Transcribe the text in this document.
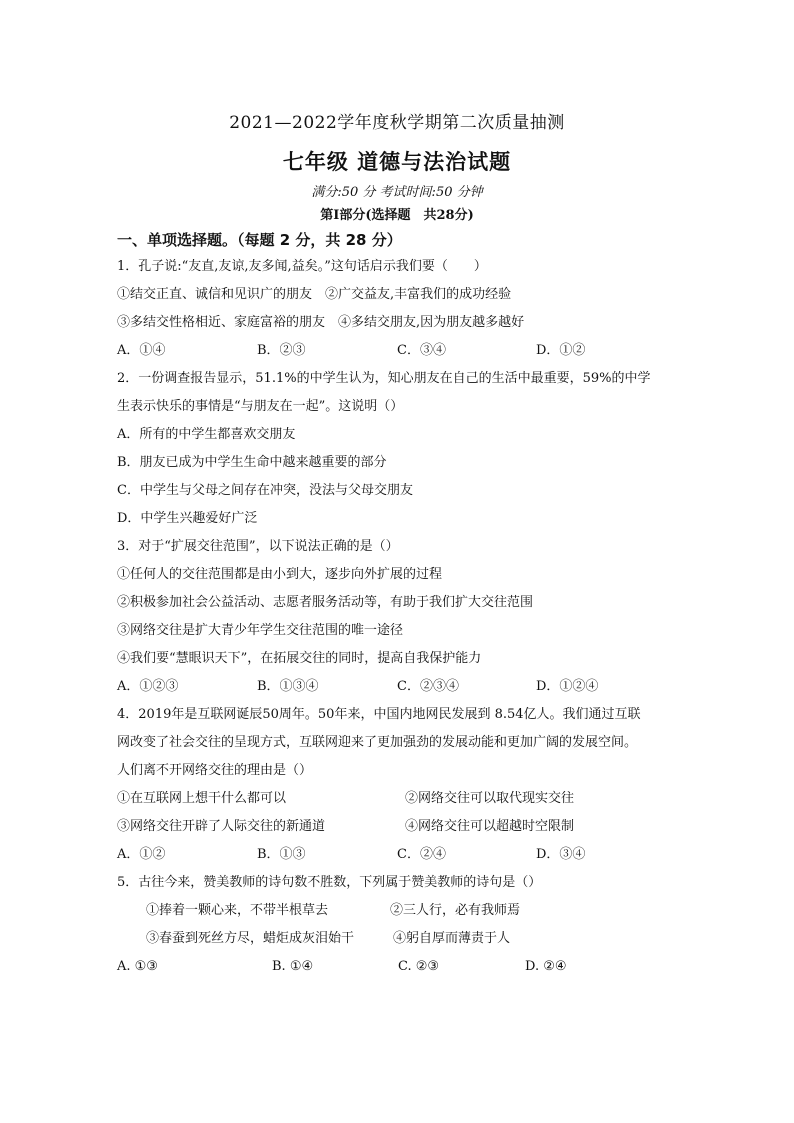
2021—2022学年度秋学期第二次质量抽测
七年级 道德与法治试题
满分:50 分 考试时间:50 分钟
第Ⅰ部分(选择题　共28分)
一、单项选择题。（每题 2 分，共 28 分）
1．孔子说:“友直,友谅,友多闻,益矣。”这句话启示我们要（　　）
①结交正直、诚信和见识广的朋友　②广交益友,丰富我们的成功经验
③多结交性格相近、家庭富裕的朋友　④多结交朋友,因为朋友越多越好
A．①④	B．②③	C．③④	D．①②
2．一份调查报告显示，51.1%的中学生认为，知心朋友在自己的生活中最重要，59%的中学
生表示快乐的事情是“与朋友在一起”。这说明（）
A．所有的中学生都喜欢交朋友
B．朋友已成为中学生生命中越来越重要的部分
C．中学生与父母之间存在冲突，没法与父母交朋友
D．中学生兴趣爱好广泛
3．对于“扩展交往范围”，以下说法正确的是（）
①任何人的交往范围都是由小到大，逐步向外扩展的过程
②积极参加社会公益活动、志愿者服务活动等，有助于我们扩大交往范围
③网络交往是扩大青少年学生交往范围的唯一途径
④我们要“慧眼识天下”，在拓展交往的同时，提高自我保护能力
A．①②③	B．①③④	C．②③④	D．①②④
4．2019年是互联网诞辰50周年。50年来，中国内地网民发展到 8.54亿人。我们通过互联
网改变了社会交往的呈现方式，互联网迎来了更加强劲的发展动能和更加广阔的发展空间。
人们离不开网络交往的理由是（）
①在互联网上想干什么都可以	②网络交往可以取代现实交往
③网络交往开辟了人际交往的新通道	④网络交往可以超越时空限制
A．①②	B．①③	C．②④	D．③④
5．古往今来，赞美教师的诗句数不胜数，下列属于赞美教师的诗句是（）
①捧着一颗心来，不带半根草去	②三人行，必有我师焉
③春蚕到死丝方尽，蜡炬成灰泪始干	④躬自厚而薄责于人
A. ①③	B. ①④	C. ②③	D. ②④
